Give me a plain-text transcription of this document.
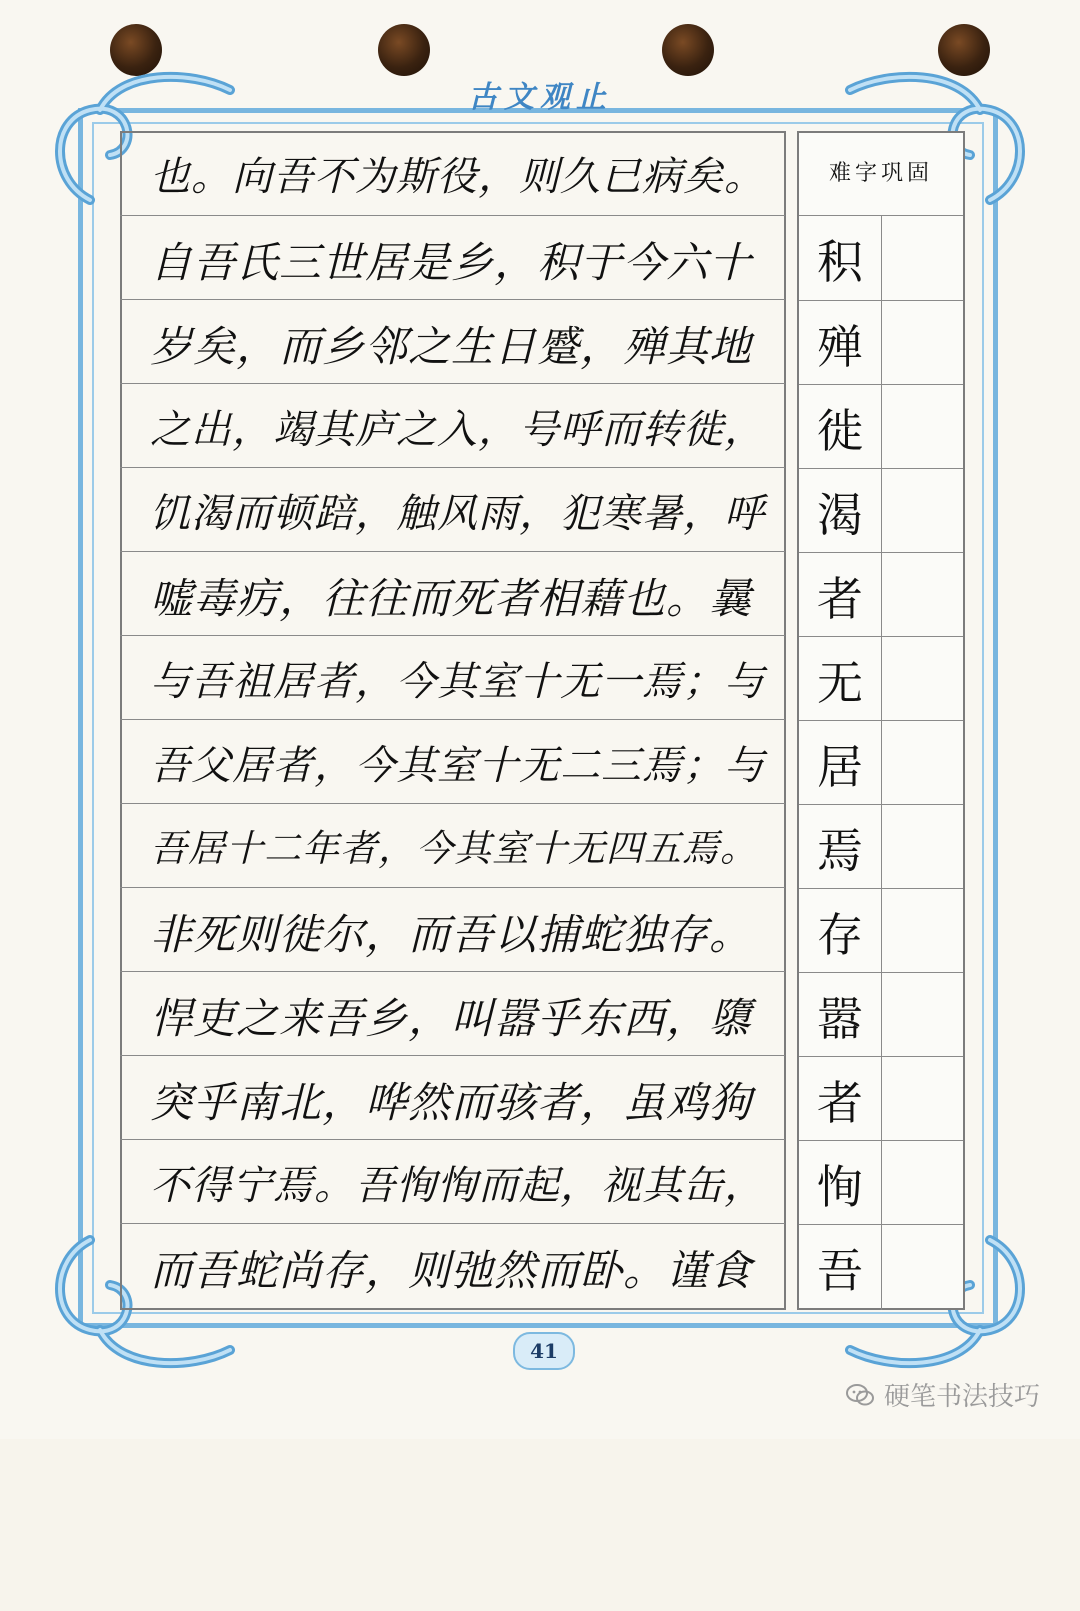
古文观止
也。向吾不为斯役，则久已病矣。
自吾氏三世居是乡，积于今六十
岁矣，而乡邻之生日蹙，殚其地
之出，竭其庐之入，号呼而转徙，
饥渴而顿踣，触风雨，犯寒暑，呼
嘘毒疠，往往而死者相藉也。曩
与吾祖居者，今其室十无一焉；与
吾父居者，今其室十无二三焉；与
吾居十二年者，今其室十无四五焉。
非死则徙尔，而吾以捕蛇独存。
悍吏之来吾乡，叫嚣乎东西，隳
突乎南北，哗然而骇者，虽鸡狗
不得宁焉。吾恂恂而起，视其缶，
而吾蛇尚存，则弛然而卧。谨食
难字巩固
积
殚
徙
渴
者
无
居
焉
存
嚣
者
恂
吾
41
硬笔书法技巧
